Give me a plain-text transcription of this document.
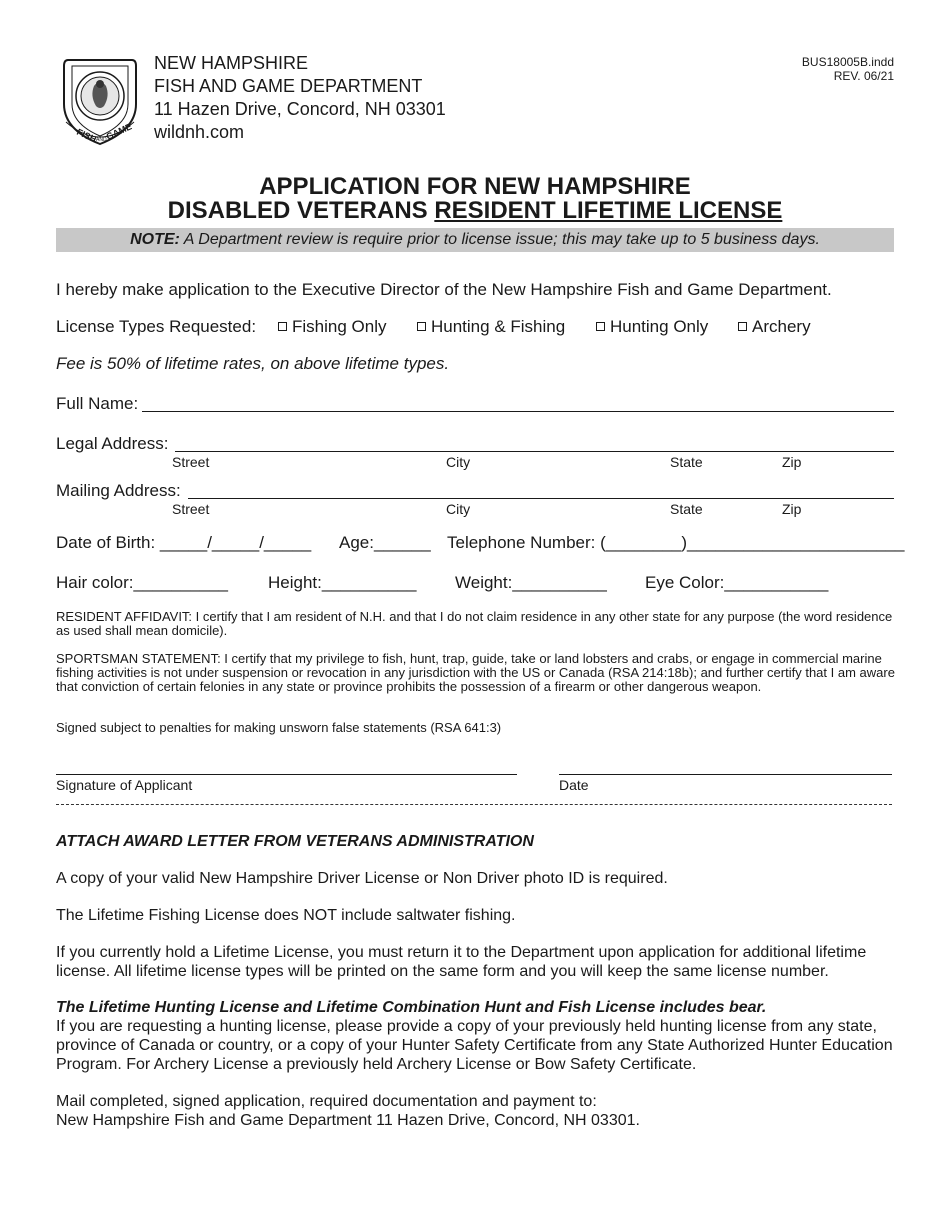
FISH
AND
GAME
NEW HAMPSHIRE
FISH AND GAME DEPARTMENT
11 Hazen Drive, Concord, NH 03301
wildnh.com
BUS18005B.indd
REV. 06/21
APPLICATION FOR NEW HAMPSHIRE
DISABLED VETERANS RESIDENT LIFETIME LICENSE
NOTE: A Department review is require prior to license issue; this may take up to 5 business days.
I hereby make application to the Executive Director of the New Hampshire Fish and Game Department.
License Types Requested:	Fishing Only	Hunting & Fishing	Hunting Only	Archery
Fee is 50% of lifetime rates, on above lifetime types.
Full Name:
Legal Address:
Street	City	State	Zip
Mailing Address:
Street	City	State	Zip
Date of Birth: _____/_____/_____ Age:______ Telephone Number: (________)_______________________
Hair color:__________ Height:__________ Weight:__________ Eye Color:___________
RESIDENT AFFIDAVIT: I certify that I am resident of N.H. and that I do not claim residence in any other state for any purpose (the word residence as used shall mean domicile).
SPORTSMAN STATEMENT: I certify that my privilege to fish, hunt, trap, guide, take or land lobsters and crabs, or engage in commercial marine fishing activities is not under suspension or revocation in any jurisdiction with the US or Canada (RSA 214:18b); and further certify that I am aware that conviction of certain felonies in any state or province prohibits the possession of a firearm or other dangerous weapon.
Signed subject to penalties for making unsworn false statements (RSA 641:3)
Signature of Applicant	Date
ATTACH AWARD LETTER FROM VETERANS ADMINISTRATION
A copy of your valid New Hampshire Driver License or Non Driver photo ID is required.
The Lifetime Fishing License does NOT include saltwater fishing.
If you currently hold a Lifetime License, you must return it to the Department upon application for additional lifetime license. All lifetime license types will be printed on the same form and you will keep the same license number.
The Lifetime Hunting License and Lifetime Combination Hunt and Fish License includes bear.
If you are requesting a hunting license, please provide a copy of your previously held hunting license from any state, province of Canada or country, or a copy of your Hunter Safety Certificate from any State Authorized Hunter Education Program. For Archery License a previously held Archery License or Bow Safety Certificate.
Mail completed, signed application, required documentation and payment to:
New Hampshire Fish and Game Department 11 Hazen Drive, Concord, NH 03301.
